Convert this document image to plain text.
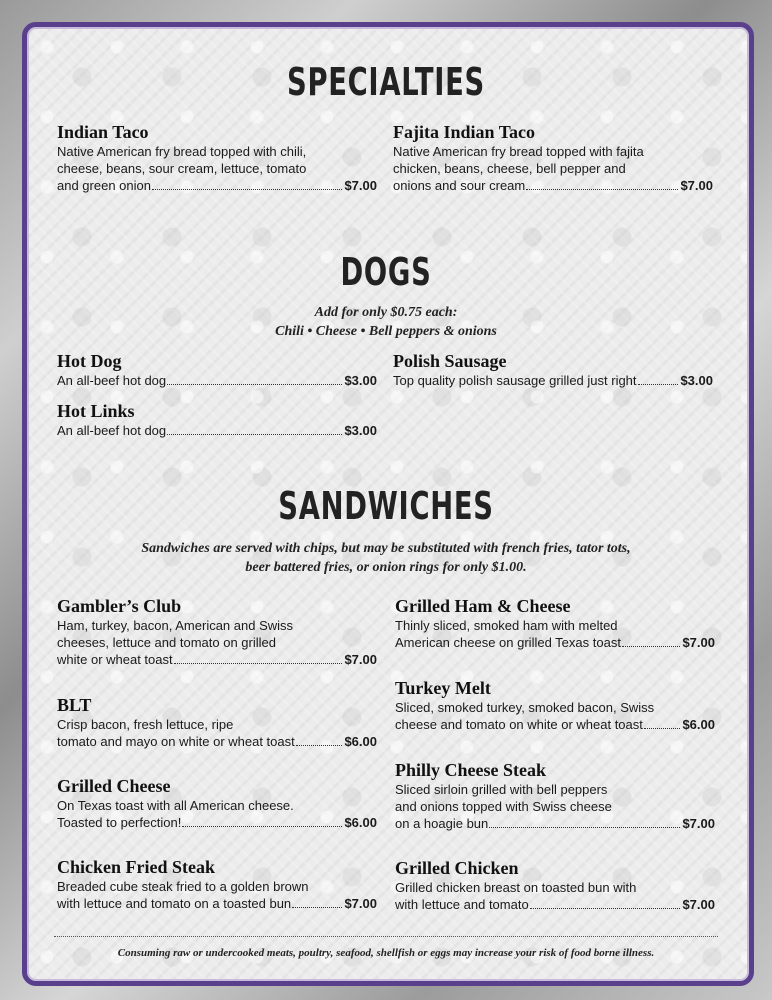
SPECIALTIES
Indian Taco
Native American fry bread topped with chili,
cheese, beans, sour cream, lettuce, tomato
and green onion	$7.00
Fajita Indian Taco
Native American fry bread topped with fajita
chicken, beans, cheese, bell pepper and
onions and sour cream	$7.00
DOGS
Add for only $0.75 each:
Chili • Cheese • Bell peppers & onions
Hot Dog
An all-beef hot dog	$3.00
Polish Sausage
Top quality polish sausage grilled just right	$3.00
Hot Links
An all-beef hot dog	$3.00
SANDWICHES
Sandwiches are served with chips, but may be substituted with french fries, tator tots,
beer battered fries, or onion rings for only $1.00.
Gambler’s Club
Ham, turkey, bacon, American and Swiss
cheeses, lettuce and tomato on grilled
white or wheat toast	$7.00
BLT
Crisp bacon, fresh lettuce, ripe
tomato and mayo on white or wheat toast	$6.00
Grilled Cheese
On Texas toast with all American cheese.
Toasted to perfection!	$6.00
Chicken Fried Steak
Breaded cube steak fried to a golden brown
with lettuce and tomato on a toasted bun	$7.00
Grilled Ham & Cheese
Thinly sliced, smoked ham with melted
American cheese on grilled Texas toast	$7.00
Turkey Melt
Sliced, smoked turkey, smoked bacon, Swiss
cheese and tomato on white or wheat toast	$6.00
Philly Cheese Steak
Sliced sirloin grilled with bell peppers
and onions topped with Swiss cheese
on a hoagie bun	$7.00
Grilled Chicken
Grilled chicken breast on toasted bun with
with lettuce and tomato	$7.00
Consuming raw or undercooked meats, poultry, seafood, shellfish or eggs may increase your risk of food borne illness.
